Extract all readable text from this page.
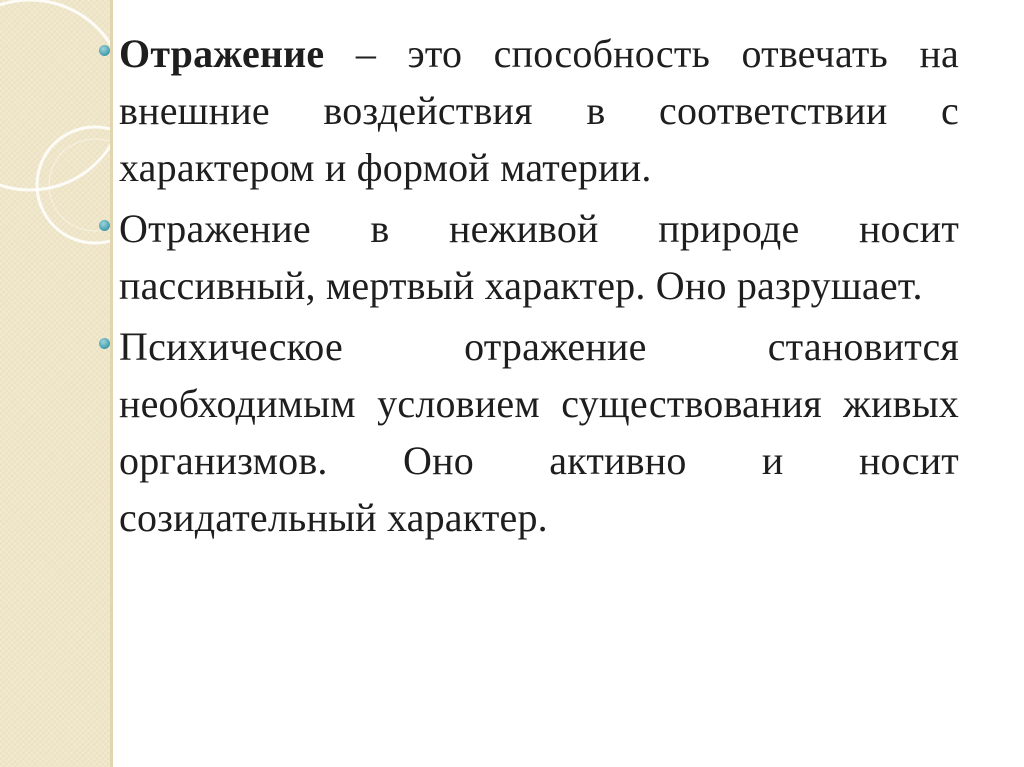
Отражение – это способность отвечать на внешние воздействия в соответствии с характером и формой материи.
Отражение в неживой природе носит пассивный, мертвый характер. Оно разрушает.
Психическое отражение становится необходимым условием существования живых организмов. Оно активно и носит созидательный характер.
